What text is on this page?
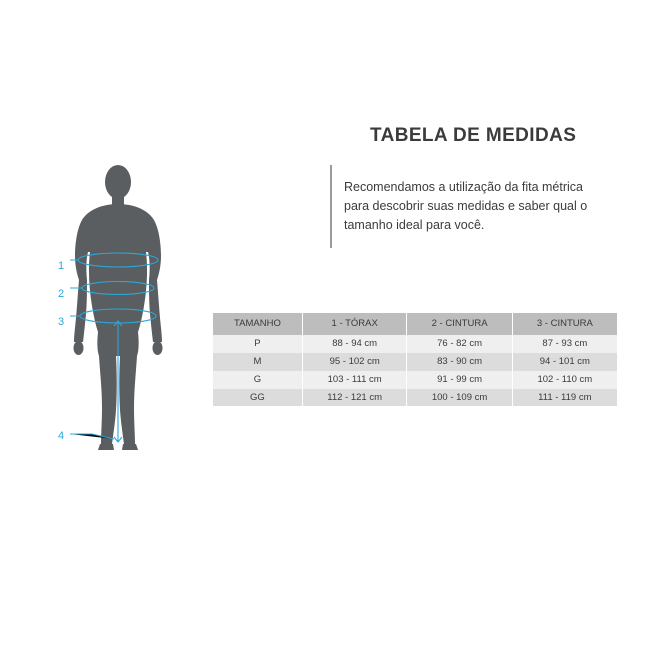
1
2
3
4
TABELA DE MEDIDAS

Recomendamos a utilização da fita métrica para descobrir suas medidas e saber qual o tamanho ideal para você.

TAMANHO	1 - TÓRAX	2 - CINTURA	3 - CINTURA
P	88 - 94 cm	76 - 82 cm	87 - 93 cm
M	95 - 102 cm	83 - 90 cm	94 - 101 cm
G	103 - 111 cm	91 - 99 cm	102 - 110 cm
GG	112 - 121 cm	100 - 109 cm	111 - 119 cm
